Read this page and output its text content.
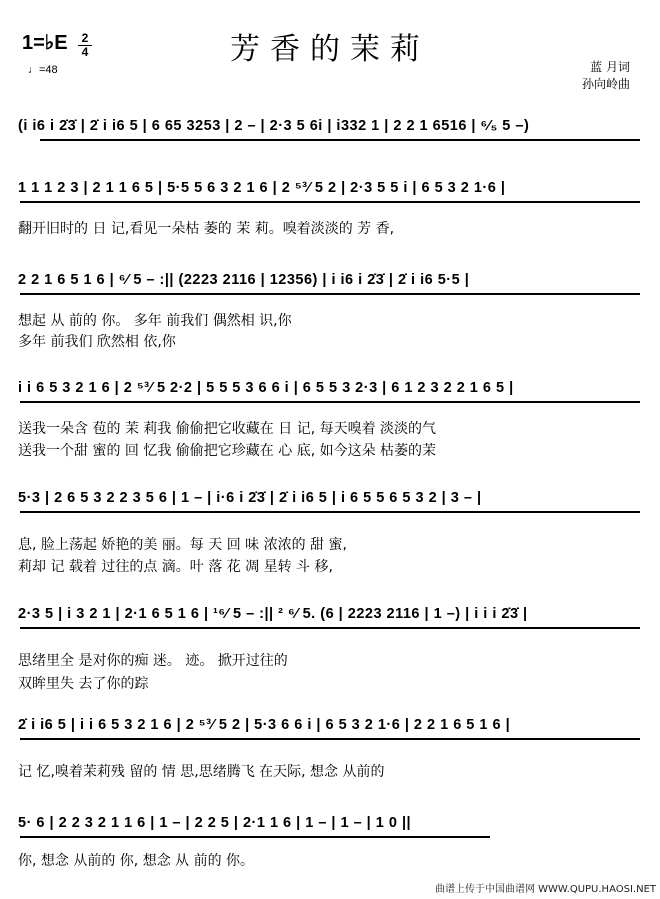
芳香的茉莉
1=♭E $\frac{2}{4}$
♩=48	蓝 月词
孙向岭曲
(i i6 i 2̇3̇ | 2̇ i i6 5 | 6 65 3253 | 2 – | 2·3 5 6i | i332 1 | 2 2 1 6516 | ⁶⁄₅ 5 –)
1 1 1 2 3 | 2 1 1 6 5 | 5·5 5 6 3 2 1 6 | 2 ⁵³⁄ 5 2 | 2·3 5 5 i | 6 5 3 2 1·6 |
翻开旧时的 日 记,看见一朵枯 萎的 茉 莉。嗅着淡淡的 芳 香,
2 2 1 6 5 1 6 | ⁶⁄ 5 – :|| (2223 2116 | 12356) | i i6 i 2̇3̇ | 2̇ i i6 5·5 |
想起 从 前的 你。 多年 前我们 偶然相 识,你
多年 前我们 欣然相 依,你
i i 6 5 3 2 1 6 | 2 ⁵³⁄ 5 2·2 | 5 5 5 3 6 6 i | 6 5 5 3 2·3 | 6 1 2 3 2 2 1 6 5 |
送我一朵含 苞的 茉 莉我 偷偷把它收藏在 日 记, 每天嗅着 淡淡的气
送我一个甜 蜜的 回 忆我 偷偷把它珍藏在 心 底, 如今这朵 枯萎的茉
5·3 | 2 6 5 3 2 2 3 5 6 | 1 – | i·6 i 2̇3̇ | 2̇ i i6 5 | i 6 5 5 6 5 3 2 | 3 – |
息, 脸上荡起 娇艳的美 丽。每 天 回 味 浓浓的 甜 蜜,
莉却 记 载着 过往的点 滴。叶 落 花 凋 星转 斗 移,
2·3 5 | i 3 2 1 | 2·1 6 5 1 6 | ¹⁶⁄ 5 – :|| ² ⁶⁄ 5. (6 | 2223 2116 | 1 –) | i i i 2̇3̇ |
思绪里全 是对你的痴 迷。 迹。 掀开过往的
双眸里失 去了你的踪
2̇ i i6 5 | i i 6 5 3 2 1 6 | 2 ⁵³⁄ 5 2 | 5·3 6 6 i | 6 5 3 2 1·6 | 2 2 1 6 5 1 6 |
记 忆,嗅着茉莉残 留的 情 思,思绪腾飞 在天际, 想念 从前的
5· 6 | 2 2 3 2 1 1 6 | 1 – | 2 2 5 | 2·1 1 6 | 1 – | 1 – | 1 0 ||
你, 想念 从前的 你, 想念 从 前的 你。
曲谱上传于中国曲谱网 WWW.QUPU.HAOSI.NET
